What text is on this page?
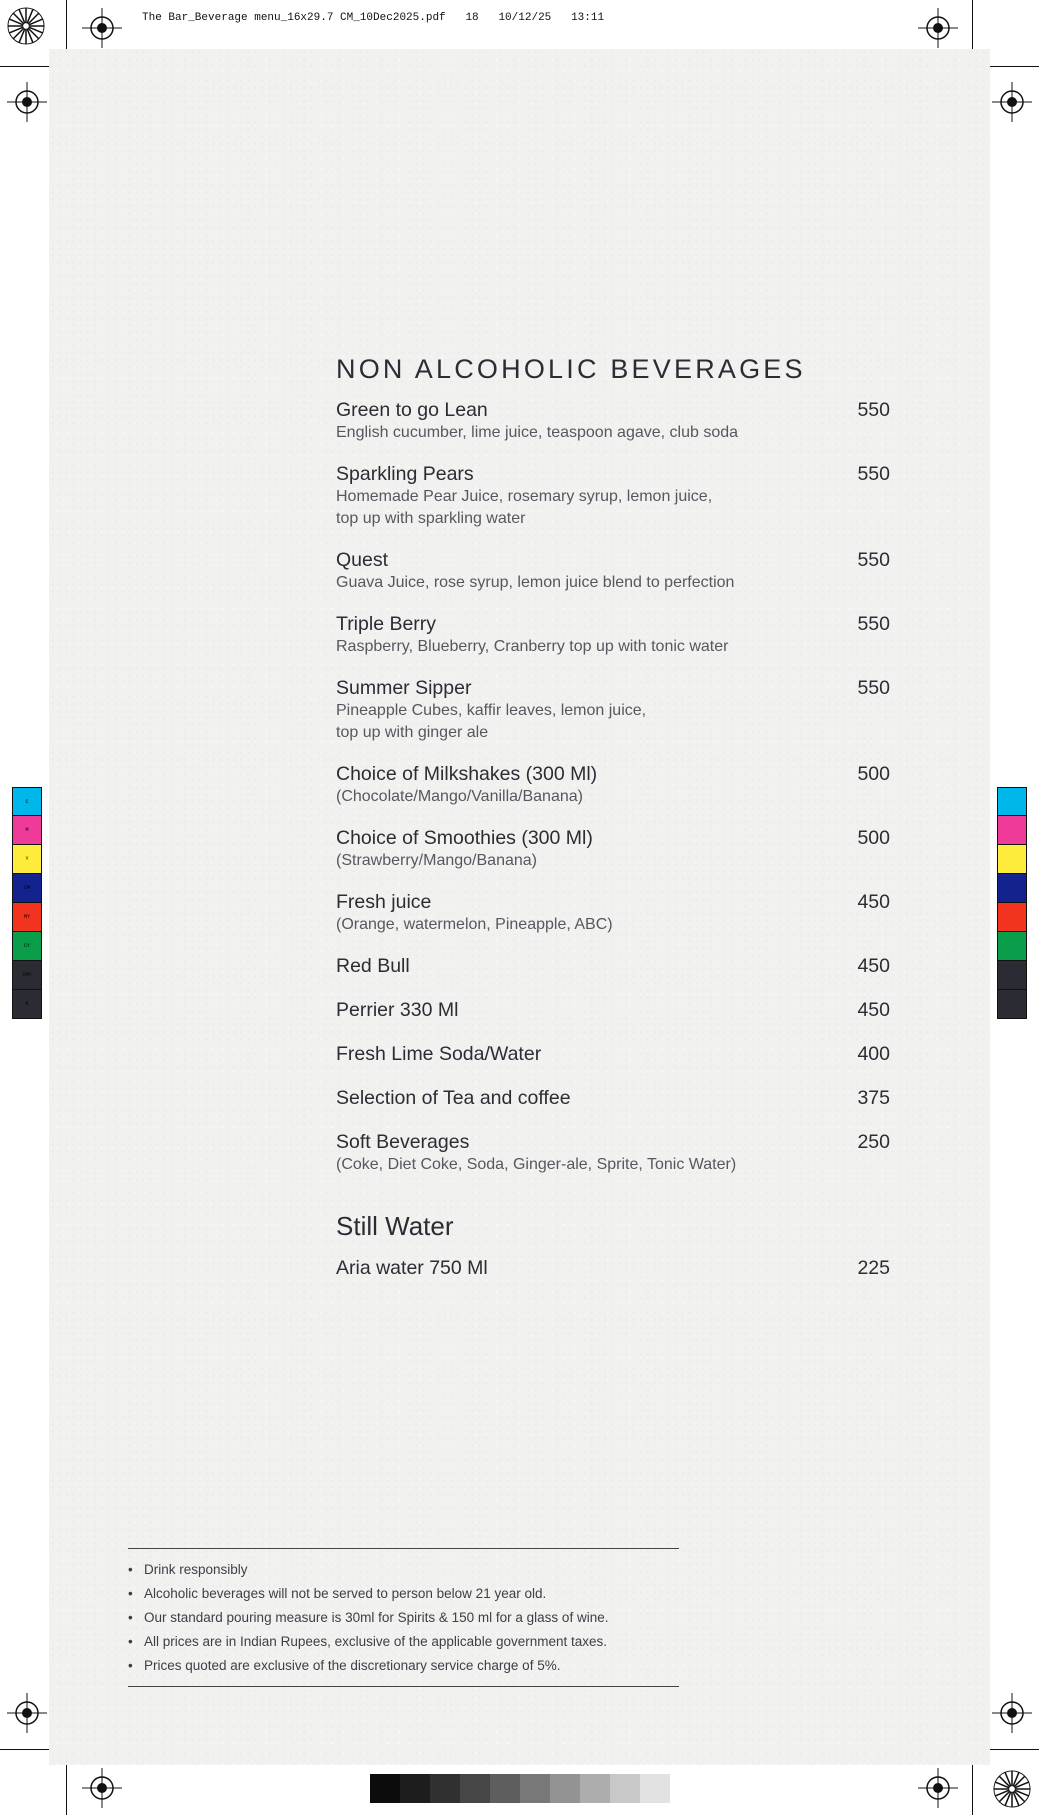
The Bar_Beverage menu_16x29.7 CM_10Dec2025.pdf   18   10/12/25   13:11

C
M
Y
CM
MY
CY
CMY
K
NON ALCOHOLIC BEVERAGES
Green to go Lean	550
English cucumber, lime juice, teaspoon agave, club soda
Sparkling Pears	550
Homemade Pear Juice, rosemary syrup, lemon juice,
top up with sparkling water
Quest	550
Guava Juice, rose syrup, lemon juice blend to perfection
Triple Berry	550
Raspberry, Blueberry, Cranberry top up with tonic water
Summer Sipper	550
Pineapple Cubes, kaffir leaves, lemon juice,
top up with ginger ale
Choice of Milkshakes (300 Ml)	500
(Chocolate/Mango/Vanilla/Banana)
Choice of Smoothies (300 Ml)	500
(Strawberry/Mango/Banana)
Fresh juice	450
(Orange, watermelon, Pineapple, ABC)
Red Bull	450
Perrier 330 Ml	450
Fresh Lime Soda/Water	400
Selection of Tea and coffee	375
Soft Beverages	250
(Coke, Diet Coke, Soda, Ginger-ale, Sprite, Tonic Water)
Still Water
Aria water 750 Ml	225
• Drink responsibly
• Alcoholic beverages will not be served to person below 21 year old.
• Our standard pouring measure is 30ml for Spirits & 150 ml for a glass of wine.
• All prices are in Indian Rupees, exclusive of the applicable government taxes.
• Prices quoted are exclusive of the discretionary service charge of 5%.
